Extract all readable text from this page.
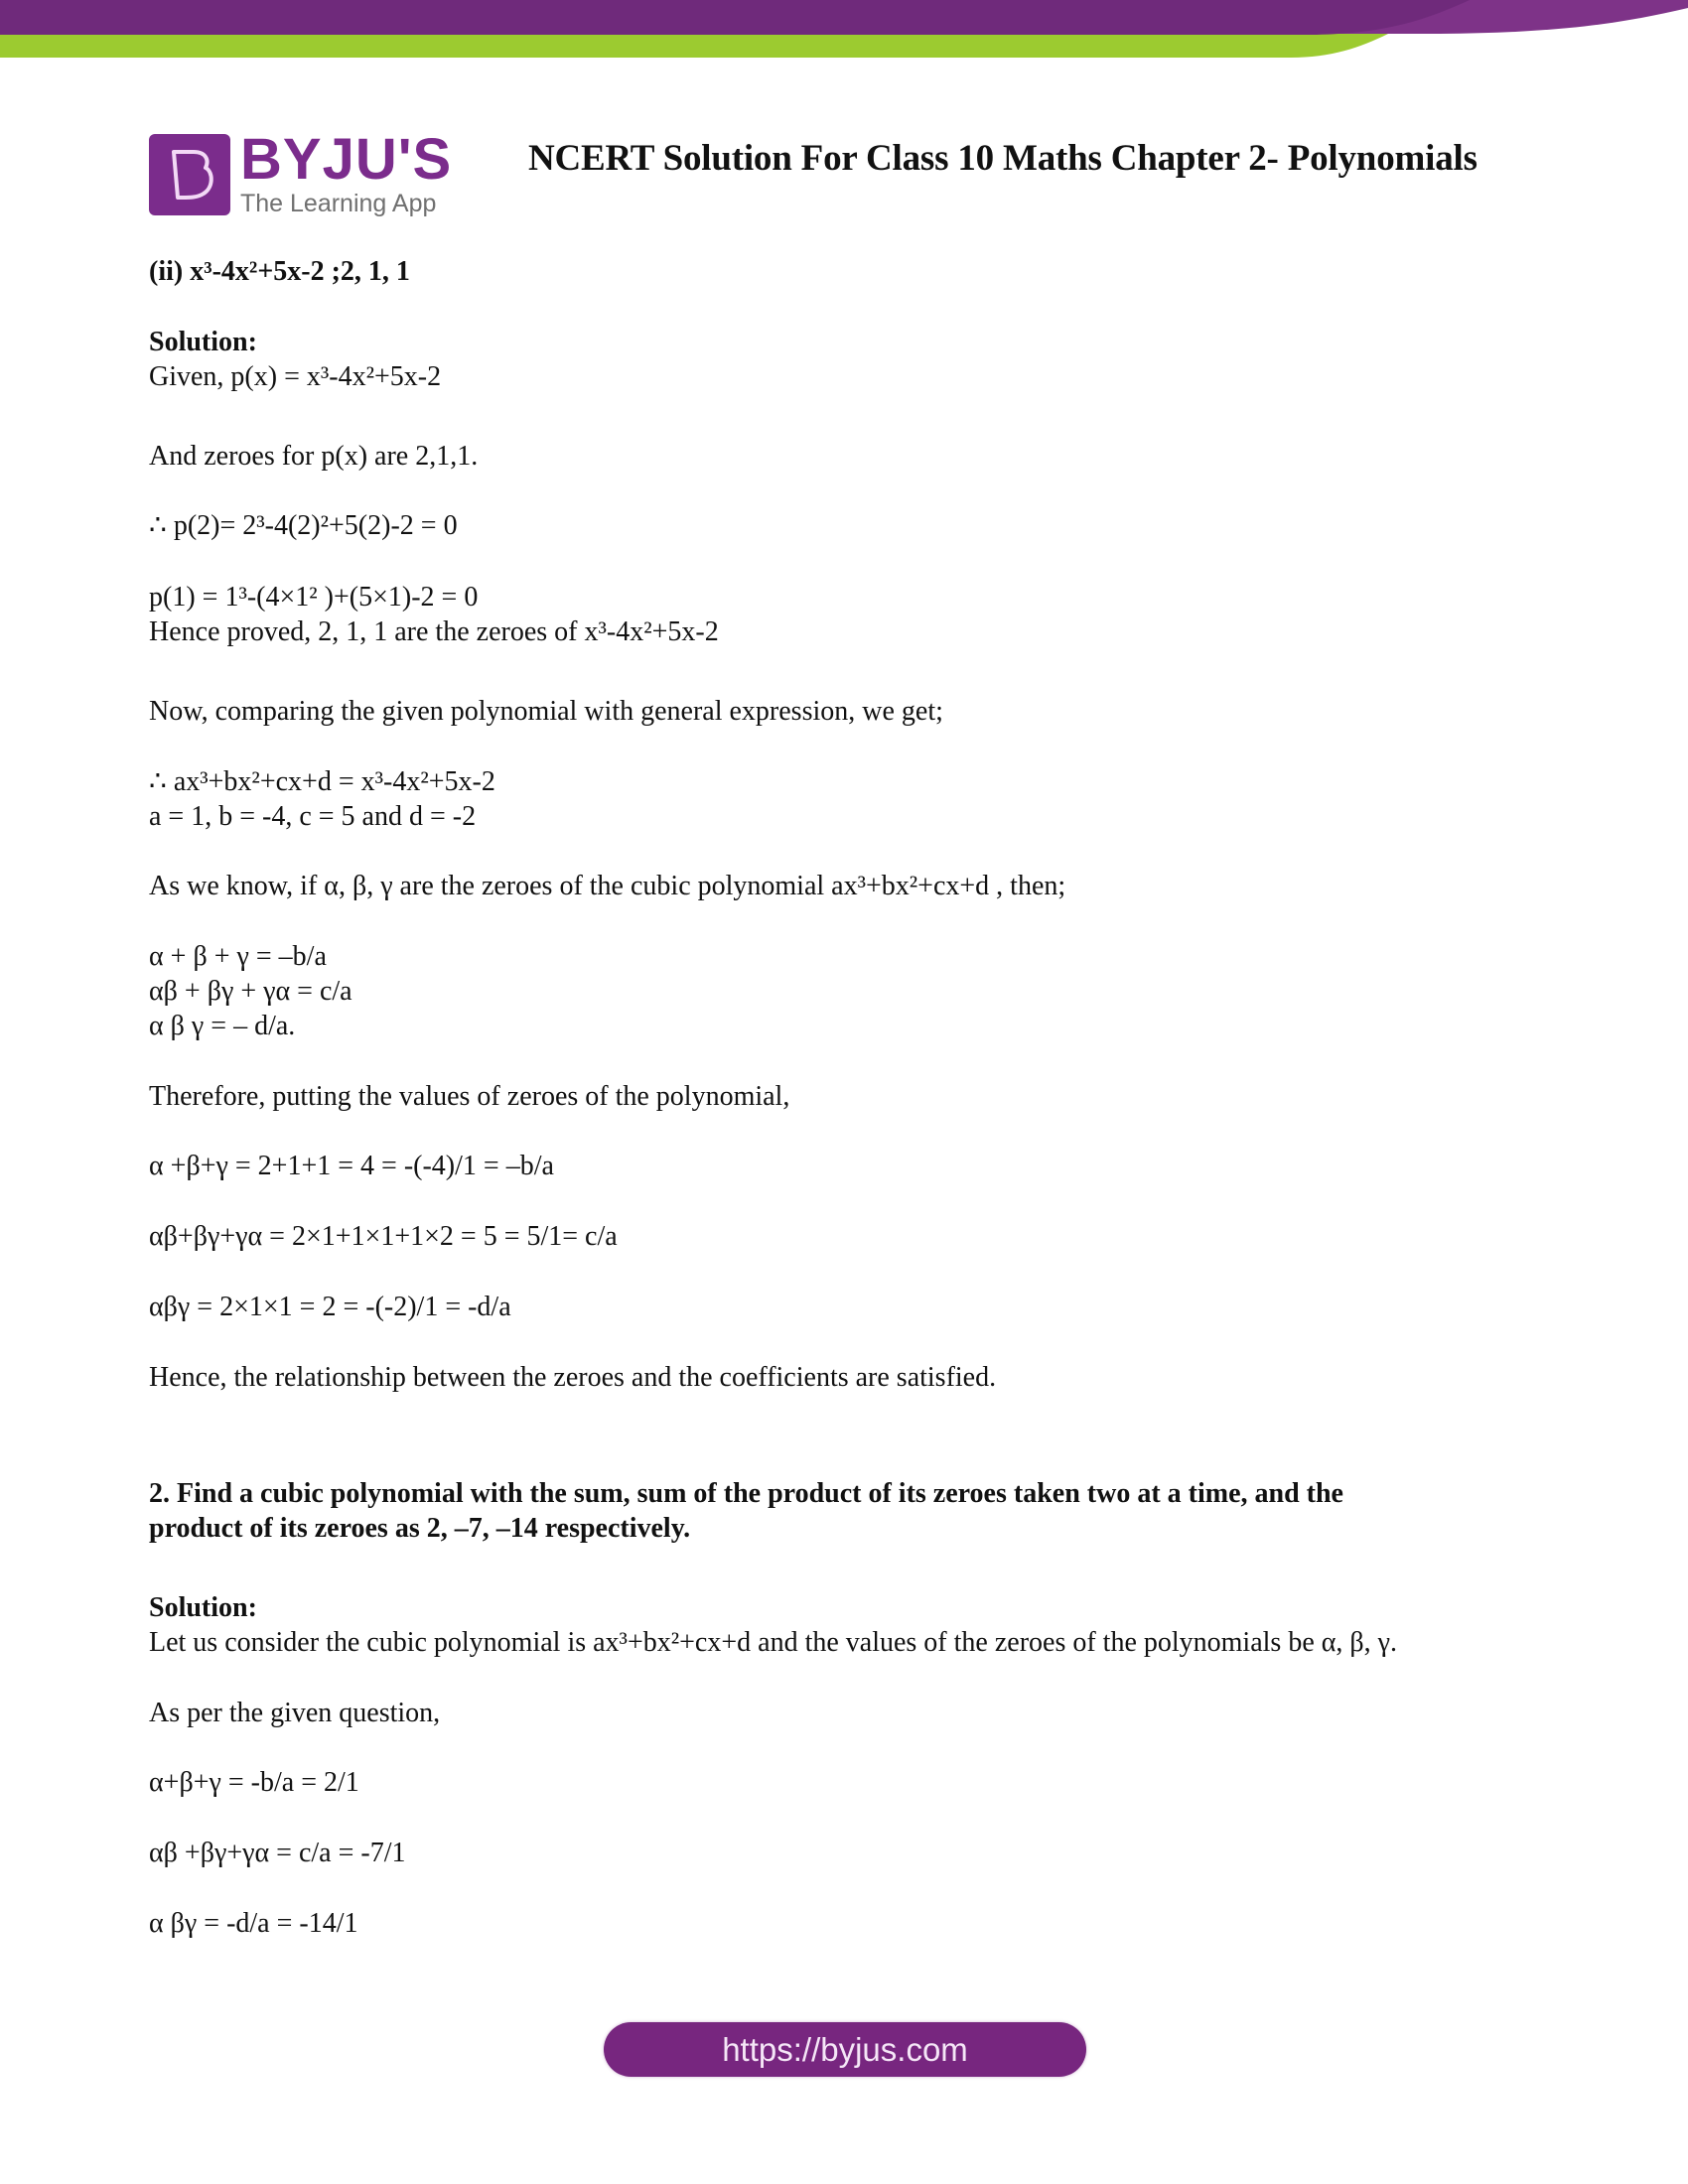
BYJU'S
The Learning App
NCERT Solution For Class 10 Maths Chapter 2- Polynomials
(ii) x³-4x²+5x-2 ;2, 1, 1
Solution:
Given, p(x) = x³-4x²+5x-2
And zeroes for p(x) are 2,1,1.
∴ p(2)= 2³-4(2)²+5(2)-2 = 0
p(1) = 1³-(4×1² )+(5×1)-2 = 0
Hence proved, 2, 1, 1 are the zeroes of x³-4x²+5x-2
Now, comparing the given polynomial with general expression, we get;
∴ ax³+bx²+cx+d = x³-4x²+5x-2
a = 1, b = -4, c = 5 and d = -2
As we know, if α, β, γ are the zeroes of the cubic polynomial ax³+bx²+cx+d , then;
α + β + γ = –b/a
αβ + βγ + γα = c/a
α β γ = – d/a.
Therefore, putting the values of zeroes of the polynomial,
α +β+γ = 2+1+1 = 4 = -(-4)/1 = –b/a
αβ+βγ+γα = 2×1+1×1+1×2 = 5 = 5/1= c/a
αβγ = 2×1×1 = 2 = -(-2)/1 = -d/a
Hence, the relationship between the zeroes and the coefficients are satisfied.
2. Find a cubic polynomial with the sum, sum of the product of its zeroes taken two at a time, and the
product of its zeroes as 2, –7, –14 respectively.
Solution:
Let us consider the cubic polynomial is ax³+bx²+cx+d and the values of the zeroes of the polynomials be α, β, γ.
As per the given question,
α+β+γ = -b/a = 2/1
αβ +βγ+γα = c/a = -7/1
α βγ = -d/a = -14/1
https://byjus.com
